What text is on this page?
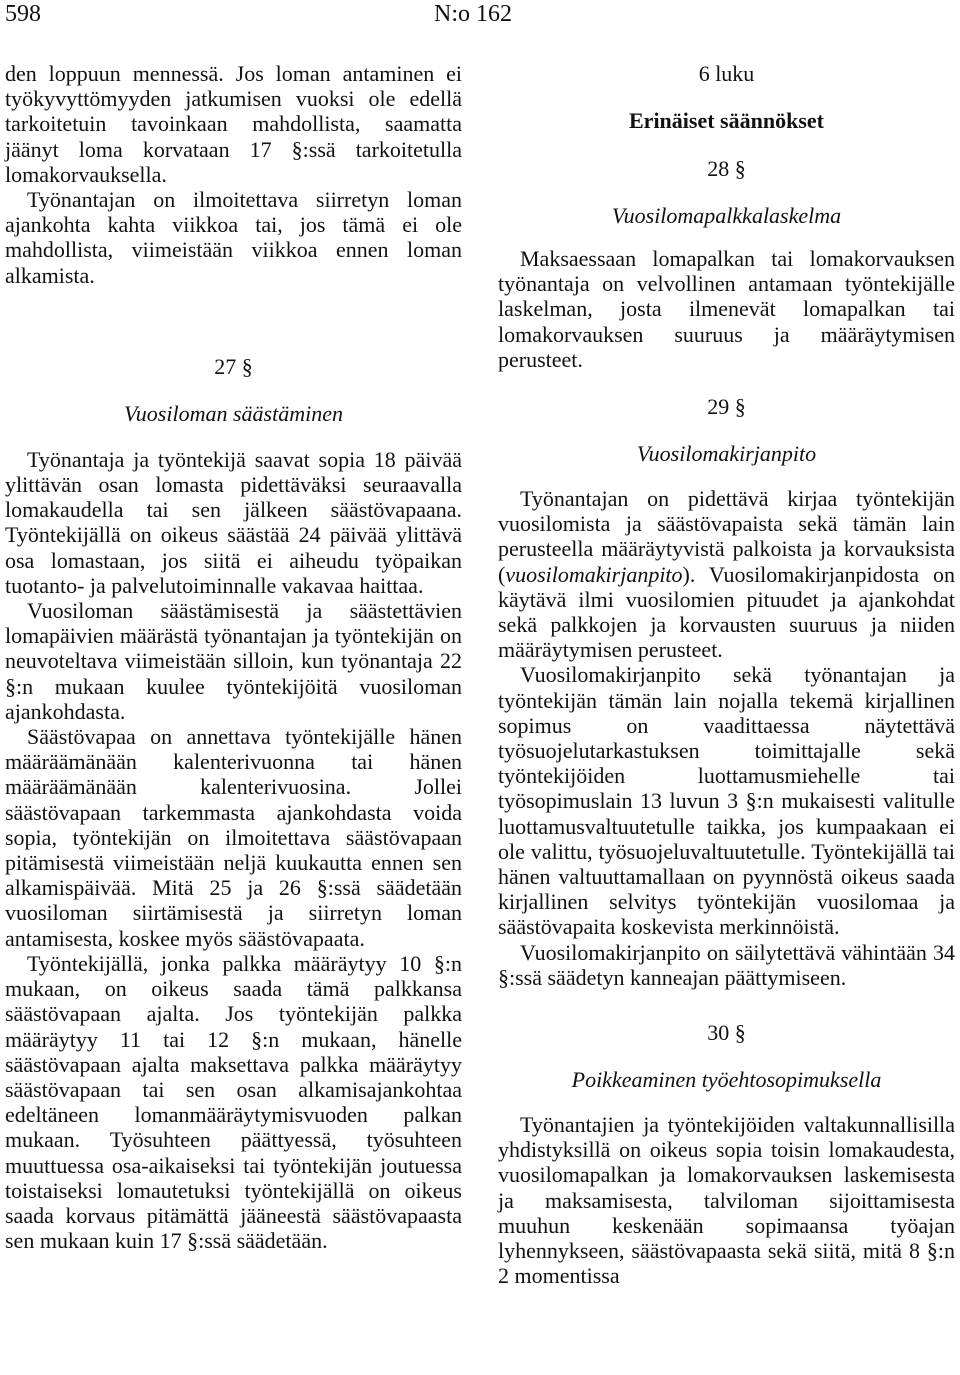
598	N:o 162

den loppuun mennessä. Jos loman antaminen ei työkyvyttömyyden jatkumisen vuoksi ole edellä tarkoitetuin tavoinkaan mahdollista, saamatta jäänyt loma korvataan 17 §:ssä tarkoitetulla lomakorvauksella.

Työnantajan on ilmoitettava siirretyn loman ajankohta kahta viikkoa tai, jos tämä ei ole mahdollista, viimeistään viikkoa ennen loman alkamista.

27 §
Vuosiloman säästäminen

Työnantaja ja työntekijä saavat sopia 18 päivää ylittävän osan lomasta pidettäväksi seuraavalla lomakaudella tai sen jälkeen säästövapaana. Työntekijällä on oikeus säästää 24 päivää ylittävä osa lomastaan, jos siitä ei aiheudu työpaikan tuotanto- ja palvelutoiminnalle vakavaa haittaa.

Vuosiloman säästämisestä ja säästettävien lomapäivien määrästä työnantajan ja työntekijän on neuvoteltava viimeistään silloin, kun työnantaja 22 §:n mukaan kuulee työntekijöitä vuosiloman ajankohdasta.

Säästövapaa on annettava työntekijälle hänen määräämänään kalenterivuonna tai hänen määräämänään kalenterivuosina. Jollei säästövapaan tarkemmasta ajankohdasta voida sopia, työntekijän on ilmoitettava säästövapaan pitämisestä viimeistään neljä kuukautta ennen sen alkamispäivää. Mitä 25 ja 26 §:ssä säädetään vuosiloman siirtämisestä ja siirretyn loman antamisesta, koskee myös säästövapaata.

Työntekijällä, jonka palkka määräytyy 10 §:n mukaan, on oikeus saada tämä palkkansa säästövapaan ajalta. Jos työntekijän palkka määräytyy 11 tai 12 §:n mukaan, hänelle säästövapaan ajalta maksettava palkka määräytyy säästövapaan tai sen osan alkamisajankohtaa edeltäneen lomanmääräytymisvuoden palkan mukaan. Työsuhteen päättyessä, työsuhteen muuttuessa osa-aikaiseksi tai työntekijän joutuessa toistaiseksi lomautetuksi työntekijällä on oikeus saada korvaus pitämättä jääneestä säästövapaasta sen mukaan kuin 17 §:ssä säädetään.

6 luku
Erinäiset säännökset
28 §
Vuosilomapalkkalaskelma

Maksaessaan lomapalkan tai lomakorvauksen työnantaja on velvollinen antamaan työntekijälle laskelman, josta ilmenevät lomapalkan tai lomakorvauksen suuruus ja määräytymisen perusteet.

29 §
Vuosilomakirjanpito

Työnantajan on pidettävä kirjaa työntekijän vuosilomista ja säästövapaista sekä tämän lain perusteella määräytyvistä palkoista ja korvauksista (vuosilomakirjanpito). Vuosilomakirjanpidosta on käytävä ilmi vuosilomien pituudet ja ajankohdat sekä palkkojen ja korvausten suuruus ja niiden määräytymisen perusteet.

Vuosilomakirjanpito sekä työnantajan ja työntekijän tämän lain nojalla tekemä kirjallinen sopimus on vaadittaessa näytettävä työsuojelutarkastuksen toimittajalle sekä työntekijöiden luottamusmiehelle tai työsopimuslain 13 luvun 3 §:n mukaisesti valitulle luottamusvaltuutetulle taikka, jos kumpaakaan ei ole valittu, työsuojeluvaltuutetulle. Työntekijällä tai hänen valtuuttamallaan on pyynnöstä oikeus saada kirjallinen selvitys työntekijän vuosilomaa ja säästövapaita koskevista merkinnöistä.

Vuosilomakirjanpito on säilytettävä vähintään 34 §:ssä säädetyn kanneajan päättymiseen.

30 §
Poikkeaminen työehtosopimuksella

Työnantajien ja työntekijöiden valtakunnallisilla yhdistyksillä on oikeus sopia toisin lomakaudesta, vuosilomapalkan ja lomakorvauksen laskemisesta ja maksamisesta, talviloman sijoittamisesta muuhun keskenään sopimaansa työajan lyhennykseen, säästövapaasta sekä siitä, mitä 8 §:n 2 momentissa
